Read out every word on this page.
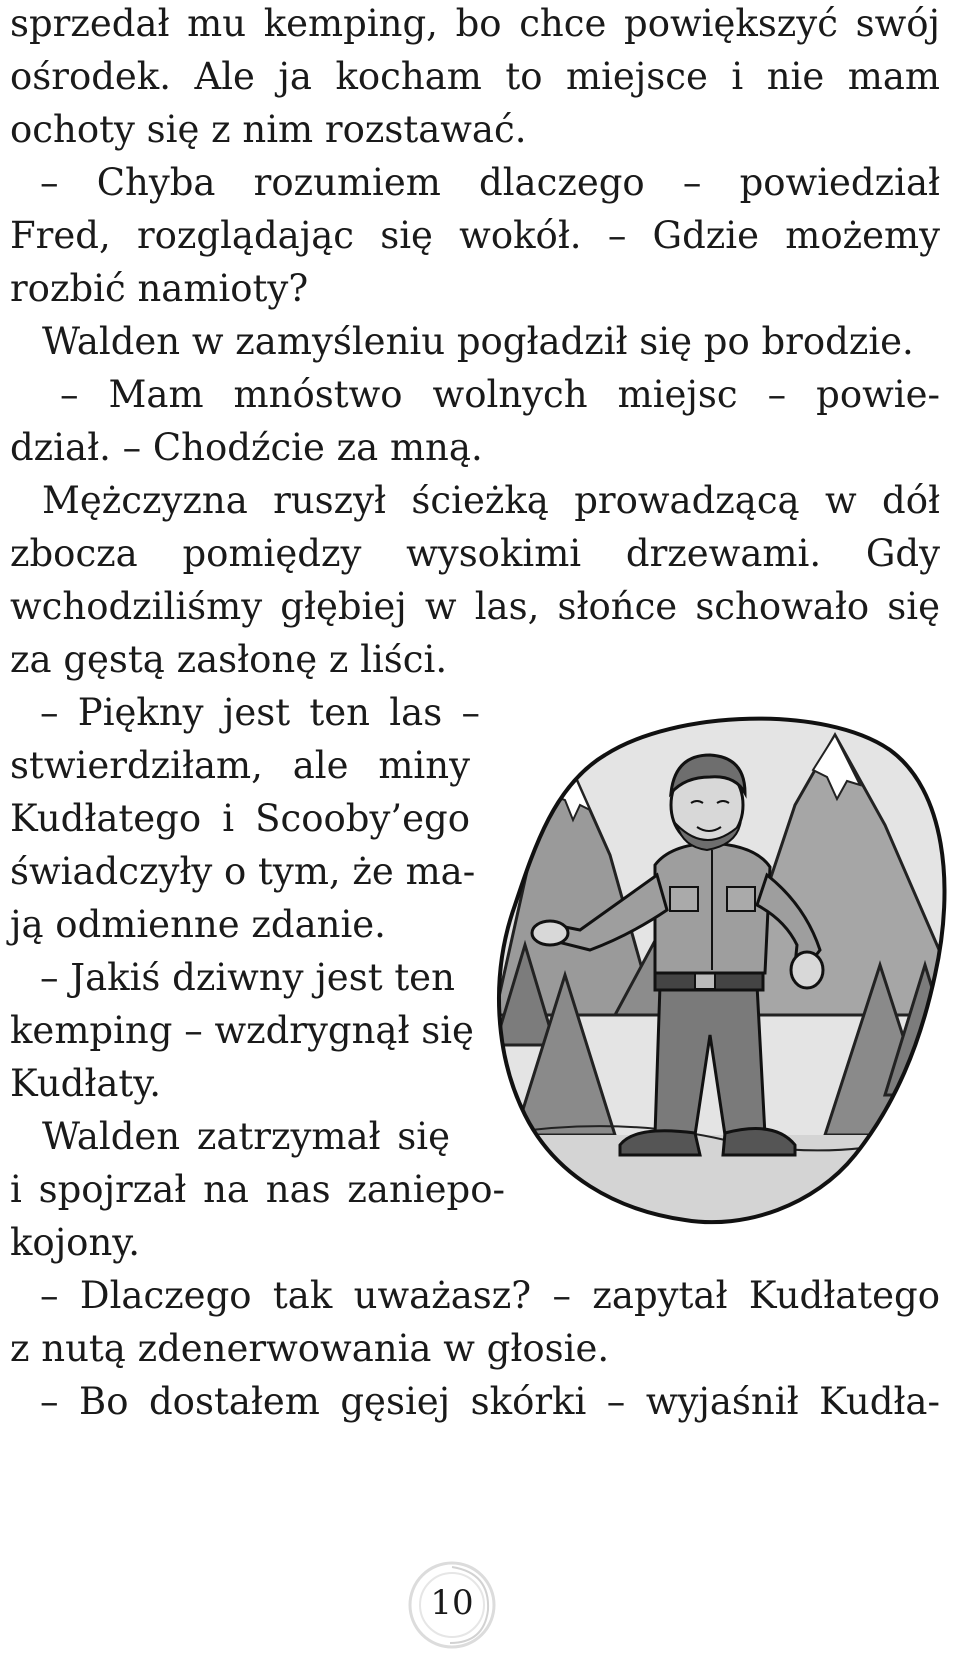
sprzedał mu kemping, bo chce powiększyć swój
ośrodek. Ale ja kocham to miejsce i nie mam
ochoty się z nim rozstawać.
– Chyba rozumiem dlaczego – powiedział
Fred, rozglądając się wokół. – Gdzie możemy
rozbić namioty?
Walden w zamyśleniu pogładził się po brodzie.
– Mam mnóstwo wolnych miejsc – powie-
dział. – Chodźcie za mną.
Mężczyzna ruszył ścieżką prowadzącą w dół
zbocza pomiędzy wysokimi drzewami. Gdy
wchodziliśmy głębiej w las, słońce schowało się
za gęstą zasłonę z liści.
– Piękny jest ten las –
stwierdziłam, ale miny
Kudłatego i Scooby’ego
świadczyły o tym, że ma-
ją odmienne zdanie.
– Jakiś dziwny jest ten
kemping – wzdrygnął się
Kudłaty.
Walden zatrzymał się
i spojrzał na nas zaniepo-
kojony.
– Dlaczego tak uważasz? – zapytał Kudłatego
z nutą zdenerwowania w głosie.
– Bo dostałem gęsiej skórki – wyjaśnił Kudła-
10
